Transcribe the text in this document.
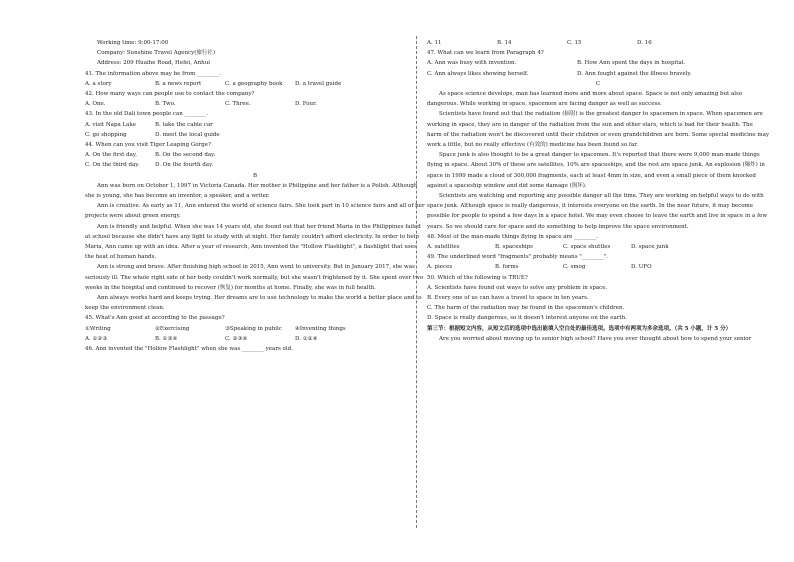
Working time: 9:00-17:00
Company: Sunshine Travel Agency(旅行社)
Address: 209 Huaihe Road, Hefei, Anhui
41. The information above may be from ________.
A. a story	B. a news report	C. a geography book	D. a travel guide
42. How many ways can people use to contact the company?
A. One.	B. Two.	C. Three.	D. Four.
43. In the old Dali town people can ________.
A. visit Napa Lake	B. take the cable car
C. go shopping	D. meet the local guide
44. When can you visit Tiger Leaping Gorge?
A. On the first day.	B. On the second day.
C. On the third day.	D. On the fourth day.
B
Ann was born on October 1, 1997 in Victoria Canada. Her mother is Philippine and her father is a Polish. Although she is young, she has become an inventor, a speaker, and a writer.
Ann is creative. As early as 11, Ann entered the world of science fairs. She took part in 10 science fairs and all of her projects were about green energy.
Ann is friendly and helpful. When she was 14 years old, she found out that her friend Maria in the Philippines failed at school because she didn't have any light to study with at night. Her family couldn't afford electricity. In order to help Maria, Ann came up with an idea. After a year of research, Ann invented the "Hollow Flashlight", a flashlight that uses the heat of human hands.
Ann is strong and brave. After finishing high school in 2015, Ann went to university. But in January 2017, she was seriously ill. The whole right side of her body couldn't work normally, but she wasn't frightened by it. She spent over two weeks in the hospital and continued to recover (恢复) for months at home. Finally, she was in full health.
Ann always works hard and keeps trying. Her dreams are to use technology to make the world a better place and to keep the environment clean.
45. What's Ann good at according to the passage?
①Writing	②Exercising	③Speaking in public	④Inventing things
A. ①②③	B. ①③④	C. ②③④	D. ①②④
46. Ann invented the "Hollow Flashlight" when she was ________ years old.
A. 11	B. 14	C. 15	D. 16
47. What can we learn from Paragraph 4?
A. Ann was busy with invention.	B. How Ann spent the days in hospital.
C. Ann always likes showing herself.	D. Ann fought against the illness bravely.
C
As space science develops, man has learned more and more about space. Space is not only amazing but also dangerous. While working in space, spacemen are facing danger as well as success.
Scientists have found out that the radiation (辐射) is the greatest danger to spacemen in space. When spacemen are working in space, they are in danger of the radiation from the sun and other stars, which is bad for their health. The harm of the radiation won't be discovered until their children or even grandchildren are born. Some special medicine may work a little, but no really effective (有效的) medicine has been found so far.
Space junk is also thought to be a great danger to spacemen. It's reported that there were 9,000 man-made things flying in space. About 30% of these are satellites, 10% are spaceships, and the rest are space junk. An explosion (爆炸) in space in 1999 made a cloud of 300,000 fragments, each at least 4mm in size, and even a small piece of them knocked against a spaceship window and did some damage (损坏).
Scientists are watching and reporting any possible danger all the time. They are working on helpful ways to do with space junk. Although space is really dangerous, it interests everyone on the earth. In the near future, it may become possible for people to spend a few days in a space hotel. We may even choose to leave the earth and live in space in a few years. So we should care for space and do something to help improve the space environment.
48. Most of the man-made things flying in space are ________.
A. satellites	B. spaceships	C. space shuttles	D. space junk
49. The underlined word "fragments" probably means "________".
A. pieces	B. forms	C. smog	D. UFO
50. Which of the following is TRUE?
A. Scientists have found out ways to solve any problem in space.
B. Every one of us can have a travel to space in ten years.
C. The harm of the radiation may be found in the spacemen's children.
D. Space is really dangerous, so it doesn't interest anyone on the earth.
第三节：根据短文内容，从短文后的选项中选出能填入空白处的最佳选项。选项中有两项为多余选项。（共 5 小题，计 5 分）
Are you worried about moving up to senior high school? Have you ever thought about how to spend your senior
